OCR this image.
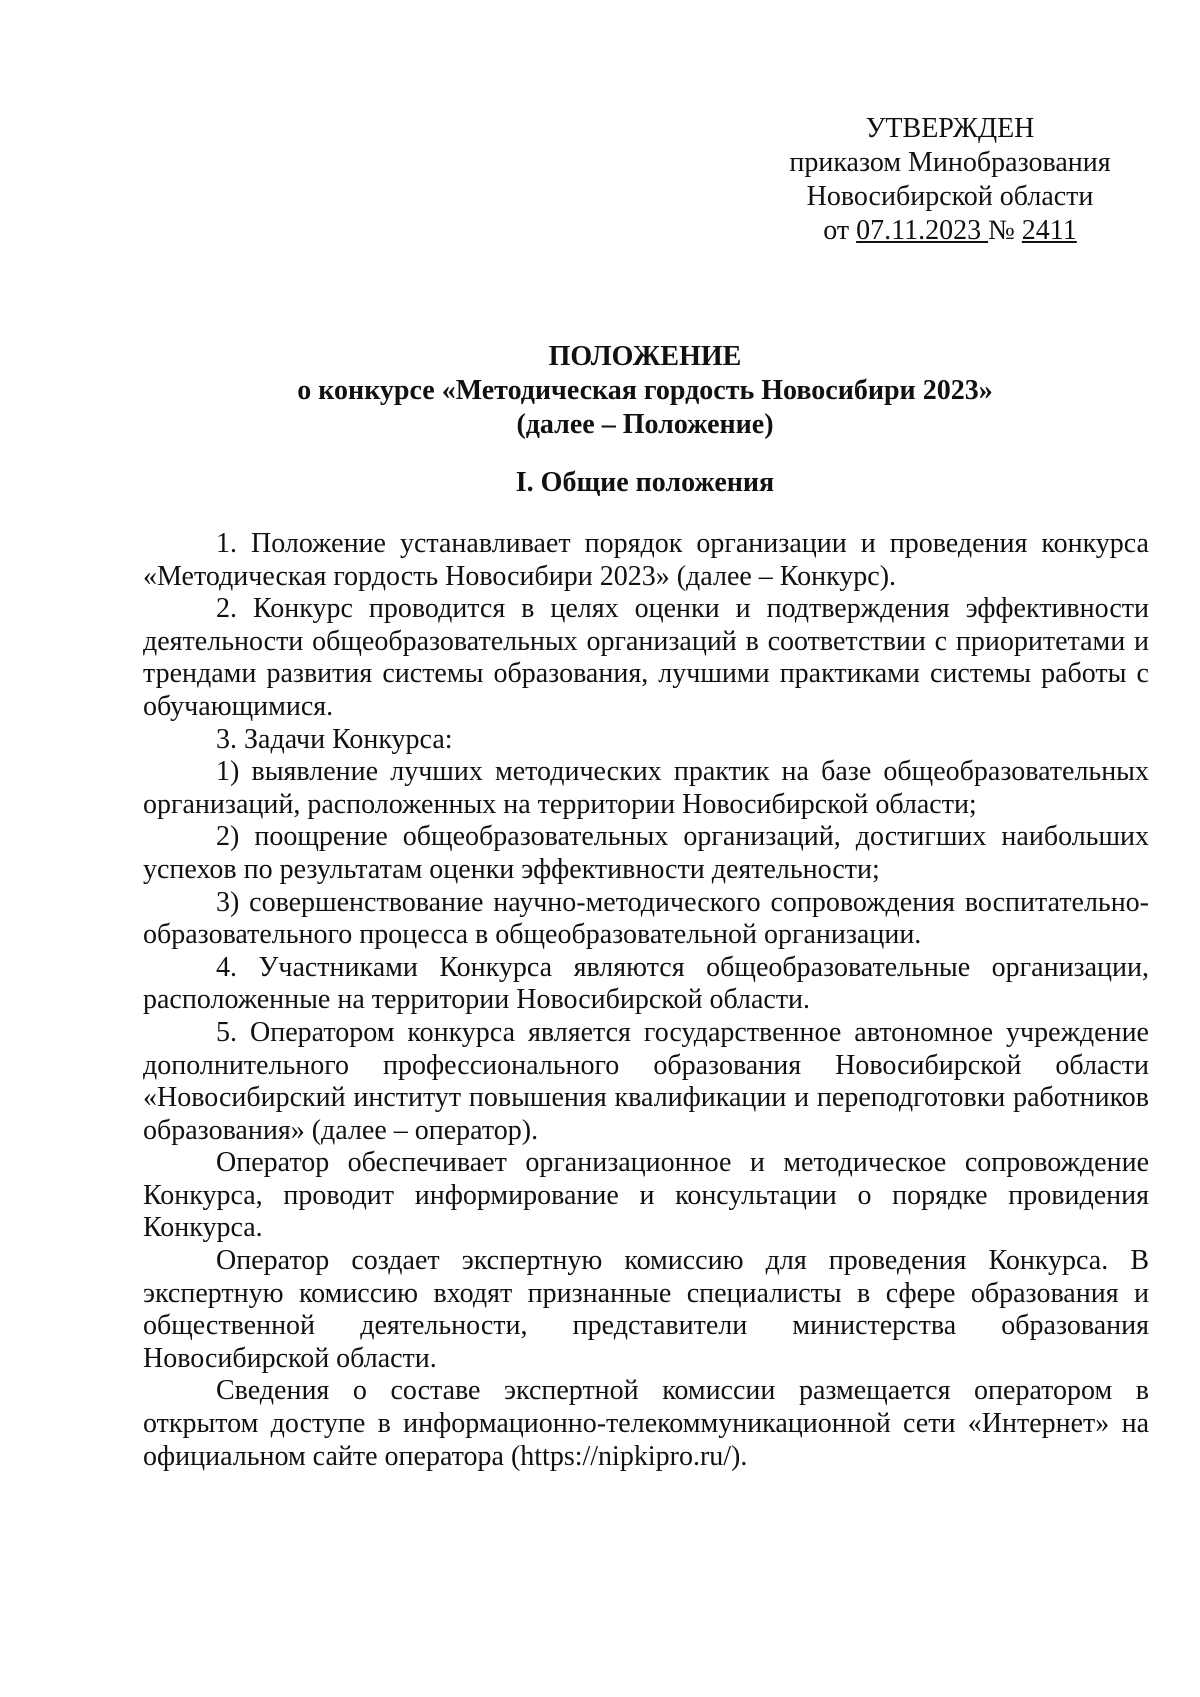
УТВЕРЖДЕН
приказом Минобразования
Новосибирской области
от 07.11.2023 № 2411
ПОЛОЖЕНИЕ
о конкурсе «Методическая гордость Новосибири 2023»
(далее – Положение)
I. Общие положения

1. Положение устанавливает порядок организации и проведения конкурса «Методическая гордость Новосибири 2023» (далее – Конкурс).

2. Конкурс проводится в целях оценки и подтверждения эффективности деятельности общеобразовательных организаций в соответствии с приоритетами и трендами развития системы образования, лучшими практиками системы работы с обучающимися.

3. Задачи Конкурса:

1) выявление лучших методических практик на базе общеобразовательных организаций, расположенных на территории Новосибирской области;

2) поощрение общеобразовательных организаций, достигших наибольших успехов по результатам оценки эффективности деятельности;

3) совершенствование научно-методического сопровождения воспитательно-образовательного процесса в общеобразовательной организации.

4. Участниками Конкурса являются общеобразовательные организации, расположенные на территории Новосибирской области.

5. Оператором конкурса является государственное автономное учреждение дополнительного профессионального образования Новосибирской области «Новосибирский институт повышения квалификации и переподготовки работников образования» (далее – оператор).

Оператор обеспечивает организационное и методическое сопровождение Конкурса, проводит информирование и консультации о порядке провидения Конкурса.

Оператор создает экспертную комиссию для проведения Конкурса. В экспертную комиссию входят признанные специалисты в сфере образования и общественной деятельности, представители министерства образования Новосибирской области.

Сведения о составе экспертной комиссии размещается оператором в открытом доступе в информационно-телекоммуникационной сети «Интернет» на официальном сайте оператора (https://nipkipro.ru/).
